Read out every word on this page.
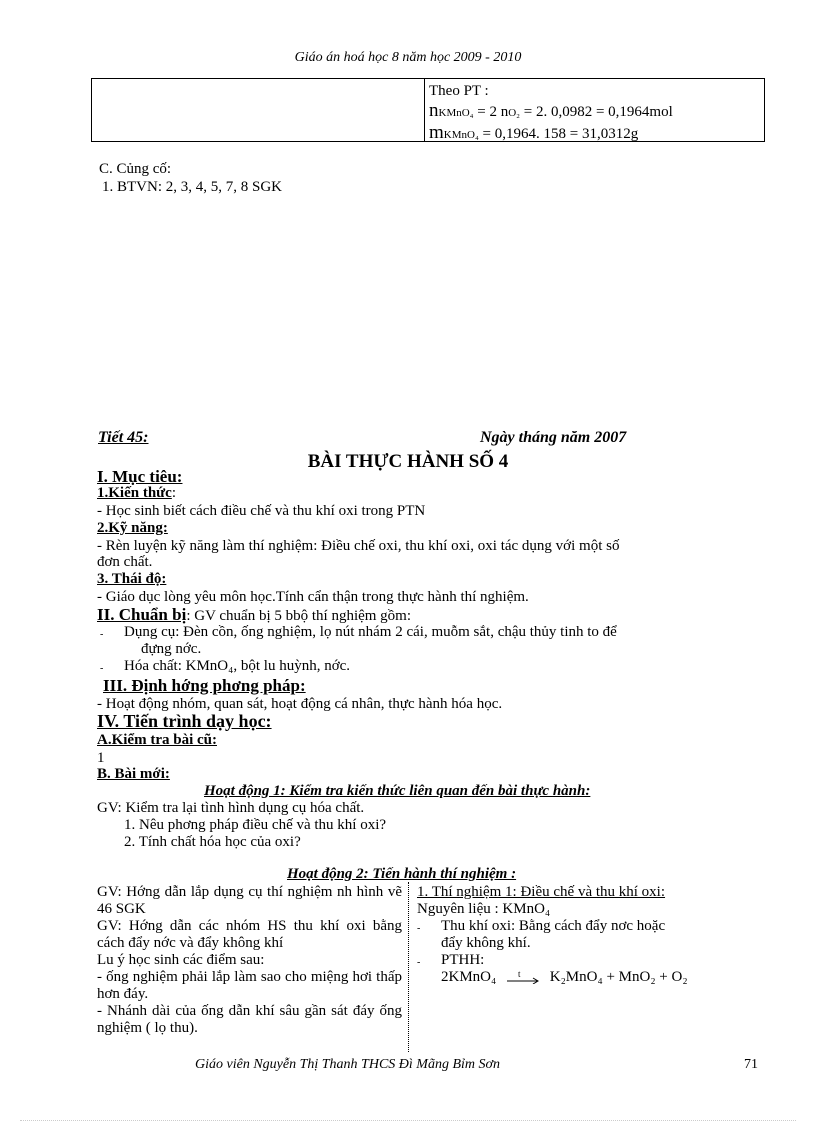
Giáo án hoá học 8 năm học 2009 - 2010
Theo PT :
nKMnO₄ = 2 nO₂ = 2. 0,0982 = 0,1964mol
mKMnO₄ = 0,1964. 158 = 31,0312g
C. Củng cố:
1. BTVN: 2, 3, 4, 5, 7, 8 SGK
Tiết 45:	Ngày tháng năm 2007
BÀI THỰC HÀNH SỐ 4
I. Mục tiêu:
1.Kiến thức:
- Học sinh biết cách điều chế và thu khí oxi trong PTN
2.Kỹ năng:
- Rèn luyện kỹ năng làm thí nghiệm: Điều chế oxi, thu khí oxi, oxi tác dụng với một số
đơn chất.
3. Thái độ:
- Giáo dục lòng yêu môn học.Tính cẩn thận trong thực hành thí nghiệm.
II. Chuẩn bị: GV chuẩn bị 5 bbộ thí nghiệm gồm:
- Dụng cụ: Đèn cồn, ống nghiệm, lọ nút nhám 2 cái, muỗm sắt, chậu thủy tinh to để
đựng nớc.
- Hóa chất: KMnO₄, bột lu huỳnh, nớc.
III. Định hớng phơng pháp:
- Hoạt động nhóm, quan sát, hoạt động cá nhân, thực hành hóa học.
IV. Tiến trình dạy học:
A.Kiểm tra bài cũ:
1
B. Bài mới:
Hoạt động 1: Kiểm tra kiến thức liên quan đến bài thực hành:
GV: Kiểm tra lại tình hình dụng cụ hóa chất.
1. Nêu phơng pháp điều chế và thu khí oxi?
2. Tính chất hóa học của oxi?
Hoạt động 2: Tiến hành thí nghiệm :
GV: Hớng dẫn lắp dụng cụ thí nghiệm nh hình vẽ 46 SGK
GV: Hớng dẫn các nhóm HS thu khí oxi bằng cách đẩy nớc và đẩy không khí
Lu ý học sinh các điểm sau:
- ống nghiệm phải lắp làm sao cho miệng hơi thấp hơn đáy.
- Nhánh dài của ống dẫn khí sâu gần sát đáy ống nghiệm ( lọ thu).
1. Thí nghiệm 1: Điều chế và thu khí oxi:
Nguyên liệu : KMnO₄
- Thu khí oxi: Bằng cách đẩy nơc hoặc
đẩy không khí.
- PTHH:
2KMnO₄ t K₂MnO₄ + MnO₂ + O₂
Giáo viên Nguyễn Thị Thanh THCS Đì Mãng Bỉm Sơn	71
